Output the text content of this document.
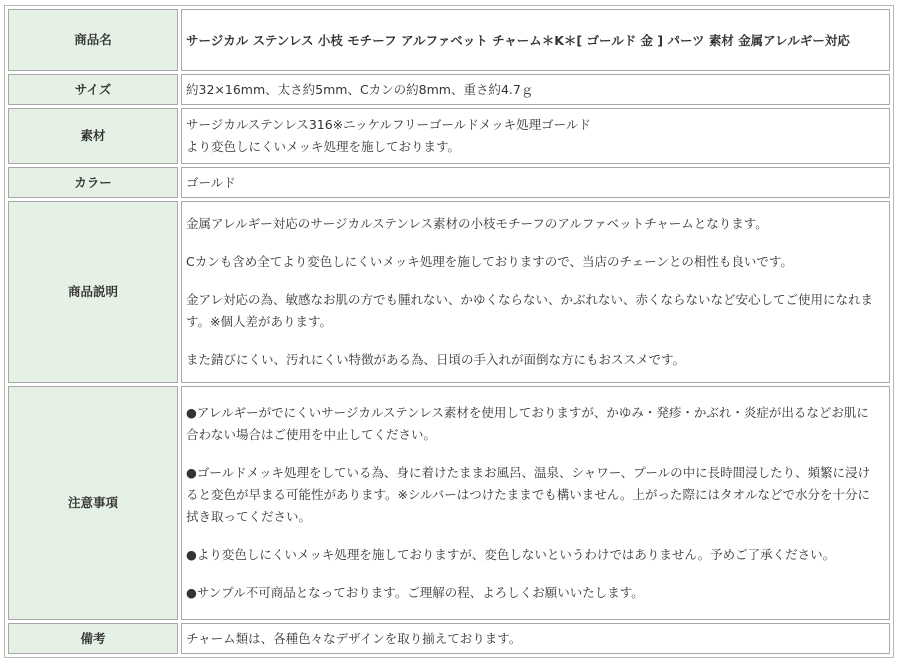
商品名	サージカル ステンレス 小枝 モチーフ アルファベット チャーム＊K＊[ ゴールド 金 ] パーツ 素材 金属アレルギー対応
サイズ	約32×16mm、太さ約5mm、Cカンの約8mm、重さ約4.7ｇ
素材	サージカルステンレス316※ニッケルフリーゴールドメッキ処理ゴールド
より変色しにくいメッキ処理を施しております。

カラー	ゴールド
商品説明	金属アレルギー対応のサージカルステンレス素材の小枝モチーフのアルファベットチャームとなります。

Cカンも含め全てより変色しにくいメッキ処理を施しておりますので、当店のチェーンとの相性も良いです。

金アレ対応の為、敏感なお肌の方でも腫れない、かゆくならない、かぶれない、赤くならないなど安心してご使用になれます。※個人差があります。

また錆びにくい、汚れにくい特徴がある為、日頃の手入れが面倒な方にもおススメです。

注意事項	●アレルギーがでにくいサージカルステンレス素材を使用しておりますが、かゆみ・発疹・かぶれ・炎症が出るなどお肌に合わない場合はご使用を中止してください。

●ゴールドメッキ処理をしている為、身に着けたままお風呂、温泉、シャワー、プールの中に長時間浸したり、頻繁に浸けると変色が早まる可能性があります。※シルバーはつけたままでも構いません。上がった際にはタオルなどで水分を十分に拭き取ってください。

●より変色しにくいメッキ処理を施しておりますが、変色しないというわけではありません。予めご了承ください。

●サンプル不可商品となっております。ご理解の程、よろしくお願いいたします。

備考	チャーム類は、各種色々なデザインを取り揃えております。
